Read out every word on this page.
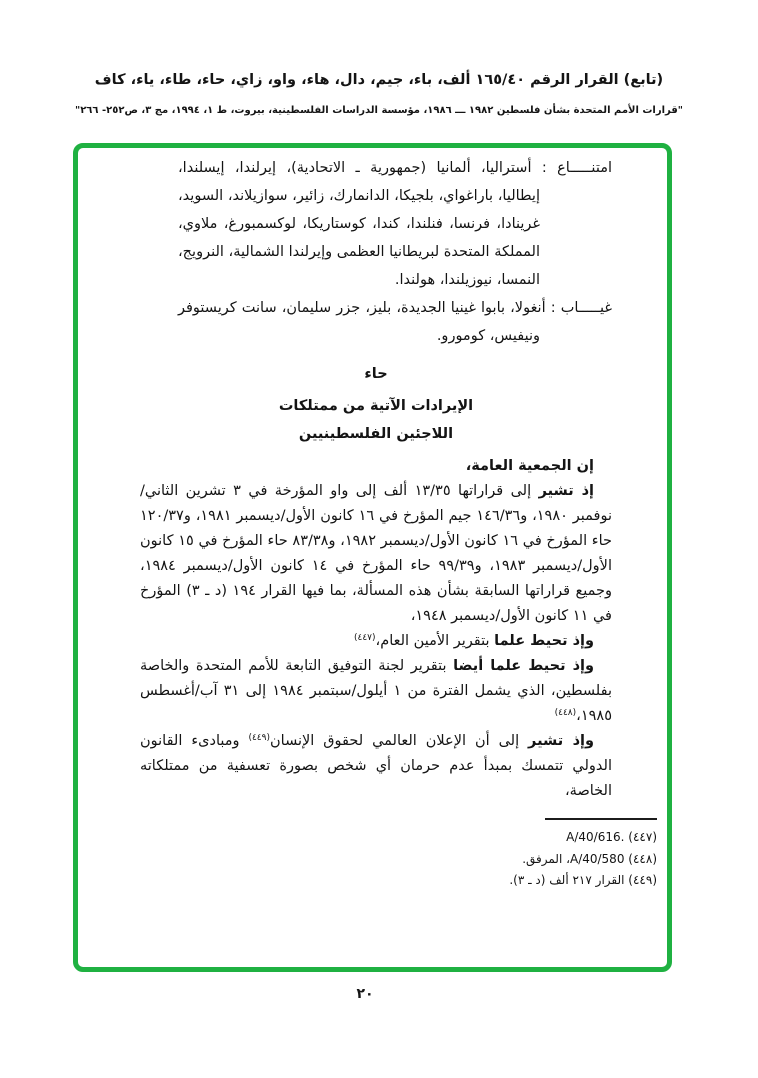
(تابع) القرار الرقم ١٦٥/٤٠ ألف، باء، جيم، دال، هاء، واو، زاي، حاء، طاء، ياء، كاف
"قرارات الأمم المتحدة بشأن فلسطين ١٩٨٢ ـــ ١٩٨٦، مؤسسة الدراسات الفلسطينية، بيروت، ط ١، ١٩٩٤، مج ٣، ص٢٥٢- ٢٦٦"
امتنـــــاع : أستراليا، ألمانيا (جمهورية ـ الاتحادية)، إيرلندا، إيسلندا، إيطاليا، باراغواي، بلجيكا، الدانمارك، زائير، سوازيلاند، السويد، غرينادا، فرنسا، فنلندا، كندا، كوستاريكا، لوكسمبورغ، ملاوي، المملكة المتحدة لبريطانيا العظمى وإيرلندا الشمالية، النرويج، النمسا، نيوزيلندا، هولندا.
غيـــــاب : أنغولا، بابوا غينيا الجديدة، بليز، جزر سليمان، سانت كريستوفر ونيفيس، كومورو.
حاء
الإيرادات الآتية من ممتلكات
اللاجئين الفلسطينيين

إن الجمعية العامة،

إذ تشير إلى قراراتها ١٣/٣٥ ألف إلى واو المؤرخة في ٣ تشرين الثاني/نوفمبر ١٩٨٠، و١٤٦/٣٦ جيم المؤرخ في ١٦ كانون الأول/ديسمبر ١٩٨١، و١٢٠/٣٧ حاء المؤرخ في ١٦ كانون الأول/ديسمبر ١٩٨٢، و٨٣/٣٨ حاء المؤرخ في ١٥ كانون الأول/ديسمبر ١٩٨٣، و٩٩/٣٩ حاء المؤرخ في ١٤ كانون الأول/ديسمبر ١٩٨٤، وجميع قراراتها السابقة بشأن هذه المسألة، بما فيها القرار ١٩٤ (د ـ ٣) المؤرخ في ١١ كانون الأول/ديسمبر ١٩٤٨،

وإذ تحيط علما بتقرير الأمين العام،$^{(٤٤٧)}$

وإذ تحيط علما أيضا بتقرير لجنة التوفيق التابعة للأمم المتحدة والخاصة بفلسطين، الذي يشمل الفترة من ١ أيلول/سبتمبر ١٩٨٤ إلى ٣١ آب/أغسطس ١٩٨٥،$^{(٤٤٨)}$

وإذ تشير إلى أن الإعلان العالمي لحقوق الإنسان$^{(٤٤٩)}$ ومبادىء القانون الدولي تتمسك بمبدأ عدم حرمان أي شخص بصورة تعسفية من ممتلكاته الخاصة،

(٤٤٧) A/40/616.
(٤٤٨) A/40/580، المرفق.
(٤٤٩) القرار ٢١٧ ألف (د ـ ٣).
٢٠
